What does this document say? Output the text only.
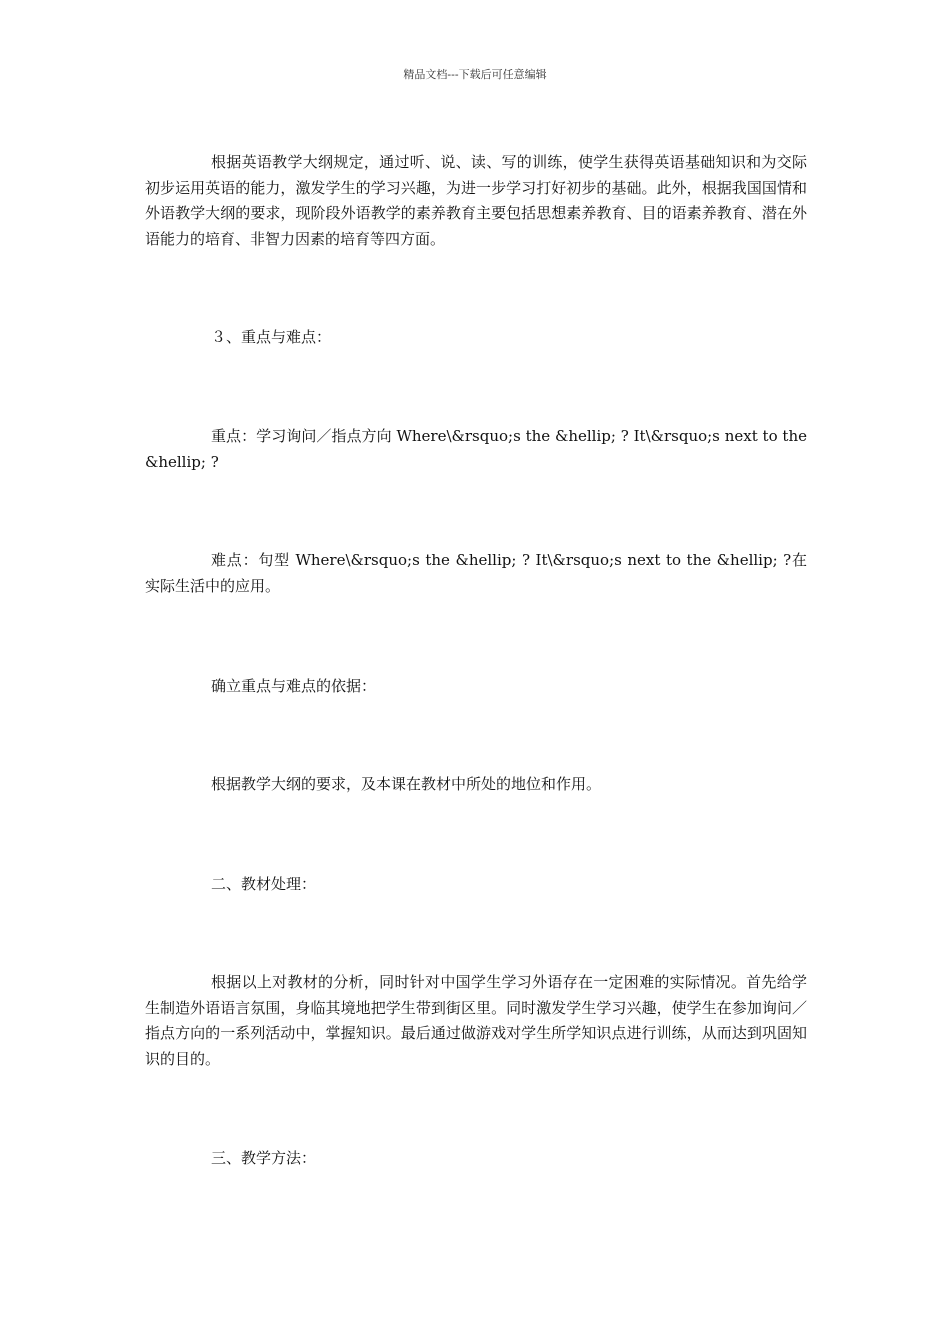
精品文档---下载后可任意编辑

根据英语教学大纲规定，通过听、说、读、写的训练，使学生获得英语基础知识和为交际初步运用英语的能力，激发学生的学习兴趣，为进一步学习打好初步的基础。此外，根据我国国情和外语教学大纲的要求，现阶段外语教学的素养教育主要包括思想素养教育、目的语素养教育、潜在外语能力的培育、非智力因素的培育等四方面。

３、重点与难点：

重点：学习询问／指点方向 Where\&rsquo;s the &hellip; ? It\&rsquo;s next to the &hellip; ?

难点：句型 Where\&rsquo;s the &hellip; ? It\&rsquo;s next to the &hellip; ?在实际生活中的应用。

确立重点与难点的依据：

根据教学大纲的要求，及本课在教材中所处的地位和作用。

二、教材处理：

根据以上对教材的分析，同时针对中国学生学习外语存在一定困难的实际情况。首先给学生制造外语语言氛围，身临其境地把学生带到街区里。同时激发学生学习兴趣，使学生在参加询问／指点方向的一系列活动中，掌握知识。最后通过做游戏对学生所学知识点进行训练，从而达到巩固知识的目的。

三、教学方法：
